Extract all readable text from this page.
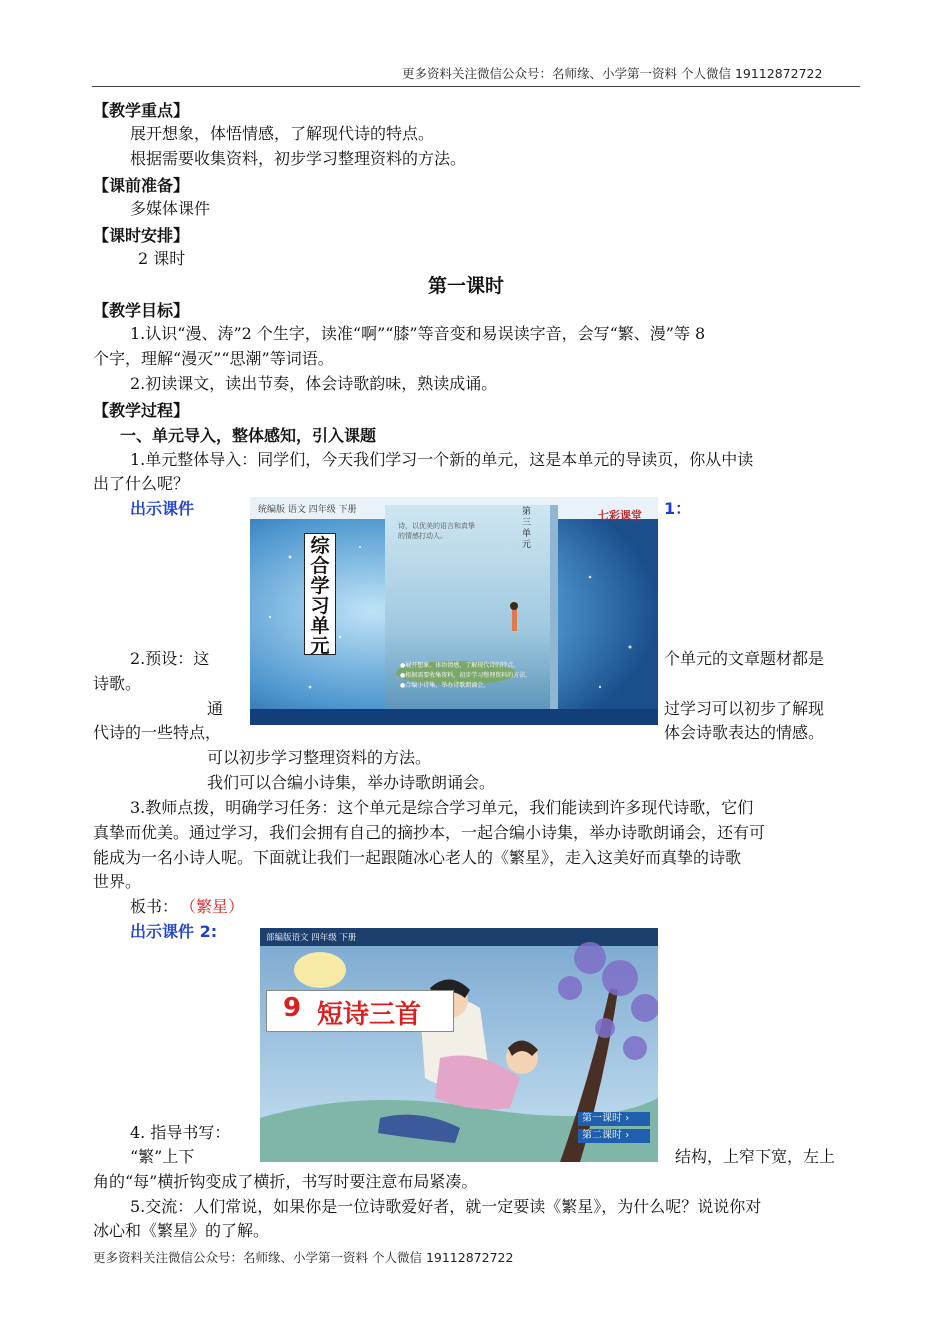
更多资料关注微信公众号：名师缘、小学第一资料 个人微信 19112872722
【教学重点】
展开想象，体悟情感，了解现代诗的特点。
根据需要收集资料，初步学习整理资料的方法。
【课前准备】
多媒体课件
【课时安排】
2 课时
第一课时
【教学目标】
1.认识“漫、涛”2 个生字，读准“啊”“膝”等音变和易误读字音，会写“繁、漫”等 8
个字，理解“漫灭”“思潮”等词语。
2.初读课文，读出节奏，体会诗歌韵味，熟读成诵。
【教学过程】
一、单元导入，整体感知，引入课题
1.单元整体导入：同学们，今天我们学习一个新的单元，这是本单元的导读页，你从中读
出了什么呢？
出示课件	1：
统编版 语文 四年级 下册	七彩课堂
综合学习单元
第三单元
诗，以优美的语言和真挚的情感打动人。
●展开想象，体悟情感，了解现代诗的特点。
●根据需要收集资料，初步学习整理资料的方法。
●合编小诗集，举办诗歌朗诵会。
2.预设：这	个单元的文章题材都是
诗歌。
通	过学习可以初步了解现
代诗的一些特点，	体会诗歌表达的情感。
可以初步学习整理资料的方法。
我们可以合编小诗集，举办诗歌朗诵会。
3.教师点拨，明确学习任务：这个单元是综合学习单元，我们能读到许多现代诗歌，它们
真挚而优美。通过学习，我们会拥有自己的摘抄本，一起合编小诗集，举办诗歌朗诵会，还有可
能成为一名小诗人呢。下面就让我们一起跟随冰心老人的《繁星》，走入这美好而真挚的诗歌
世界。
板书： （繁星）
出示课件 2:	部编版语文 四年级 下册
9 短诗三首
第一课时 ›
第二课时 ›
4. 指导书写：
“繁”上下	结构，上窄下宽，左上
角的“每”横折钩变成了横折，书写时要注意布局紧凑。
5.交流：人们常说，如果你是一位诗歌爱好者，就一定要读《繁星》，为什么呢？说说你对
冰心和《繁星》的了解。
更多资料关注微信公众号：名师缘、小学第一资料 个人微信 19112872722
